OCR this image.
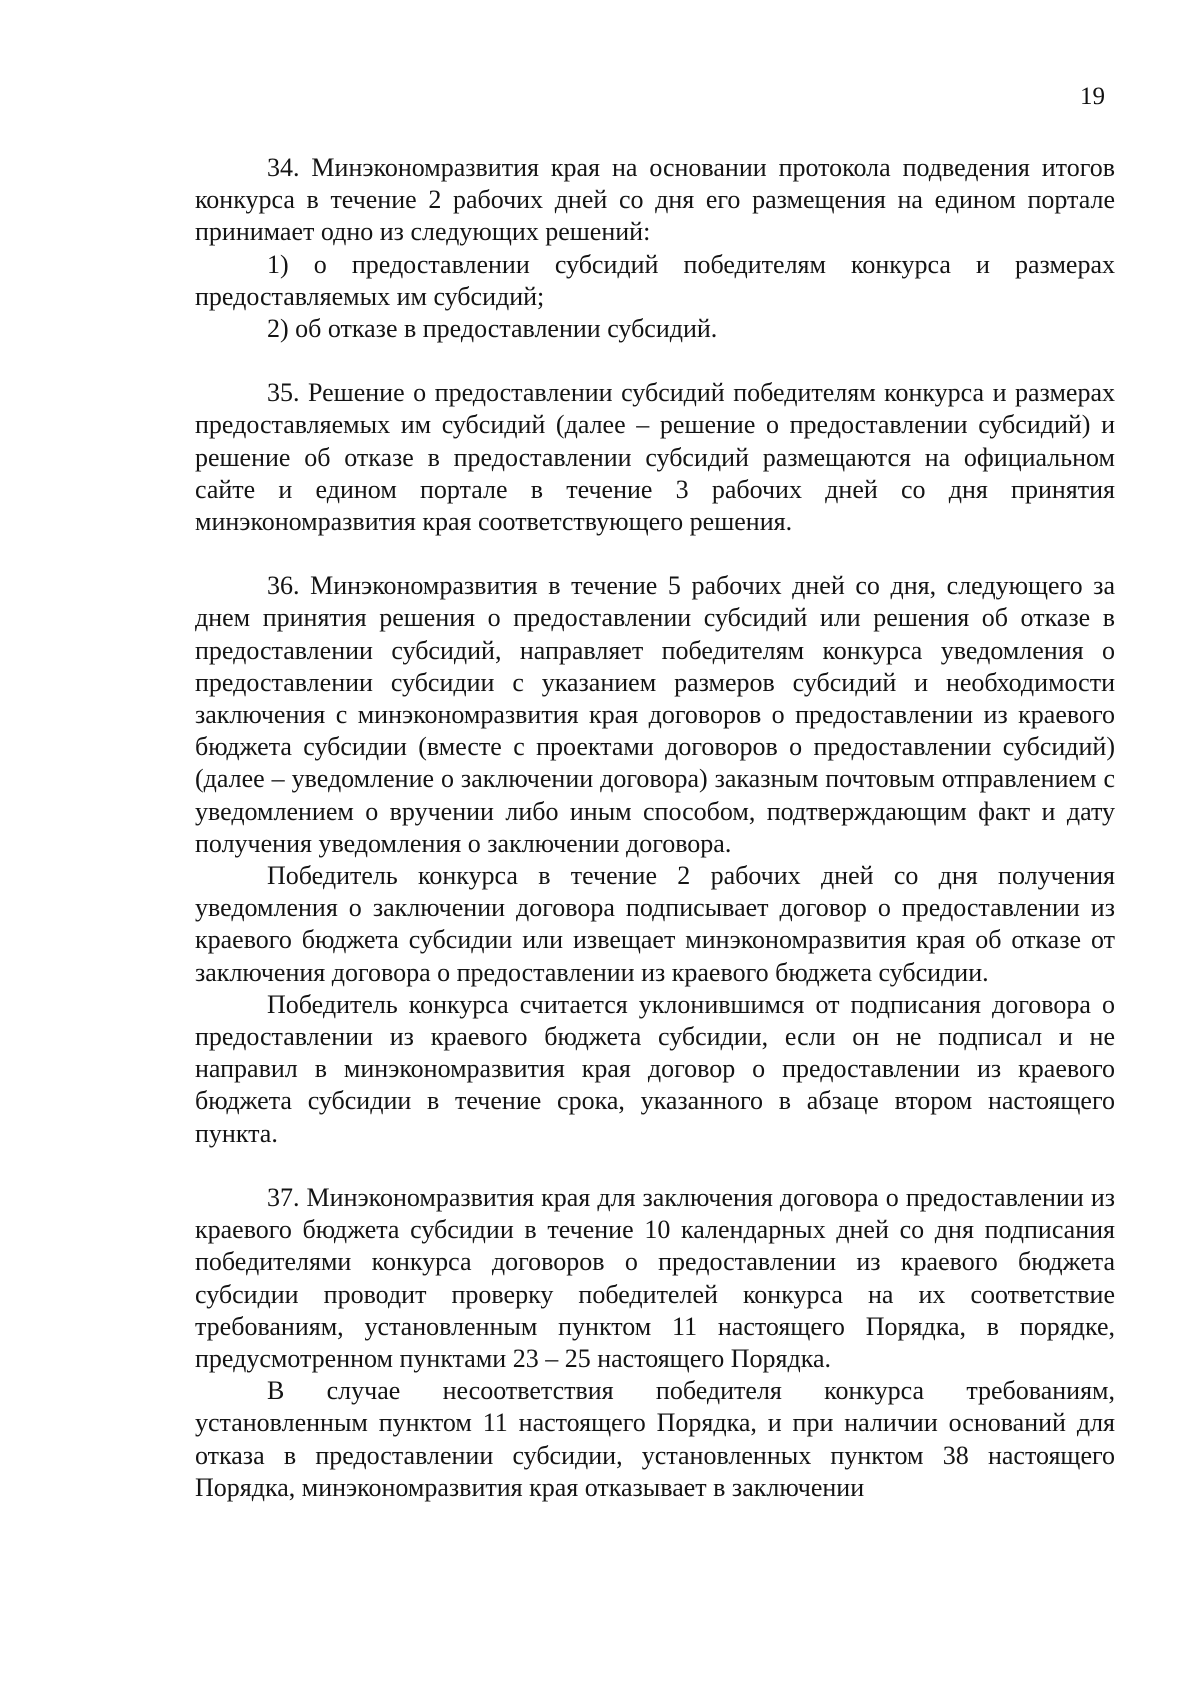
19

34. Минэкономразвития края на основании протокола подведения итогов конкурса в течение 2 рабочих дней со дня его размещения на едином портале принимает одно из следующих решений:

1) о предоставлении субсидий победителям конкурса и размерах предоставляемых им субсидий;

2) об отказе в предоставлении субсидий.

35. Решение о предоставлении субсидий победителям конкурса и размерах предоставляемых им субсидий (далее – решение о предоставлении субсидий) и решение об отказе в предоставлении субсидий размещаются на официальном сайте и едином портале в течение 3 рабочих дней со дня принятия минэкономразвития края соответствующего решения.

36. Минэкономразвития в течение 5 рабочих дней со дня, следующего за днем принятия решения о предоставлении субсидий или решения об отказе в предоставлении субсидий, направляет победителям конкурса уведомления о предоставлении субсидии с указанием размеров субсидий и необходимости заключения с минэкономразвития края договоров о предоставлении из краевого бюджета субсидии (вместе с проектами договоров о предоставлении субсидий) (далее – уведомление о заключении договора) заказным почтовым отправлением с уведомлением о вручении либо иным способом, подтверждающим факт и дату получения уведомления о заключении договора.

Победитель конкурса в течение 2 рабочих дней со дня получения уведомления о заключении договора подписывает договор о предоставлении из краевого бюджета субсидии или извещает минэкономразвития края об отказе от заключения договора о предоставлении из краевого бюджета субсидии.

Победитель конкурса считается уклонившимся от подписания договора о предоставлении из краевого бюджета субсидии, если он не подписал и не направил в минэкономразвития края договор о предоставлении из краевого бюджета субсидии в течение срока, указанного в абзаце втором настоящего пункта.

37. Минэкономразвития края для заключения договора о предоставлении из краевого бюджета субсидии в течение 10 календарных дней со дня подписания победителями конкурса договоров о предоставлении из краевого бюджета субсидии проводит проверку победителей конкурса на их соответствие требованиям, установленным пунктом 11 настоящего Порядка, в порядке, предусмотренном пунктами 23 – 25 настоящего Порядка.

В случае несоответствия победителя конкурса требованиям, установленным пунктом 11 настоящего Порядка, и при наличии оснований для отказа в предоставлении субсидии, установленных пунктом 38 настоящего Порядка, минэкономразвития края отказывает в заключении
